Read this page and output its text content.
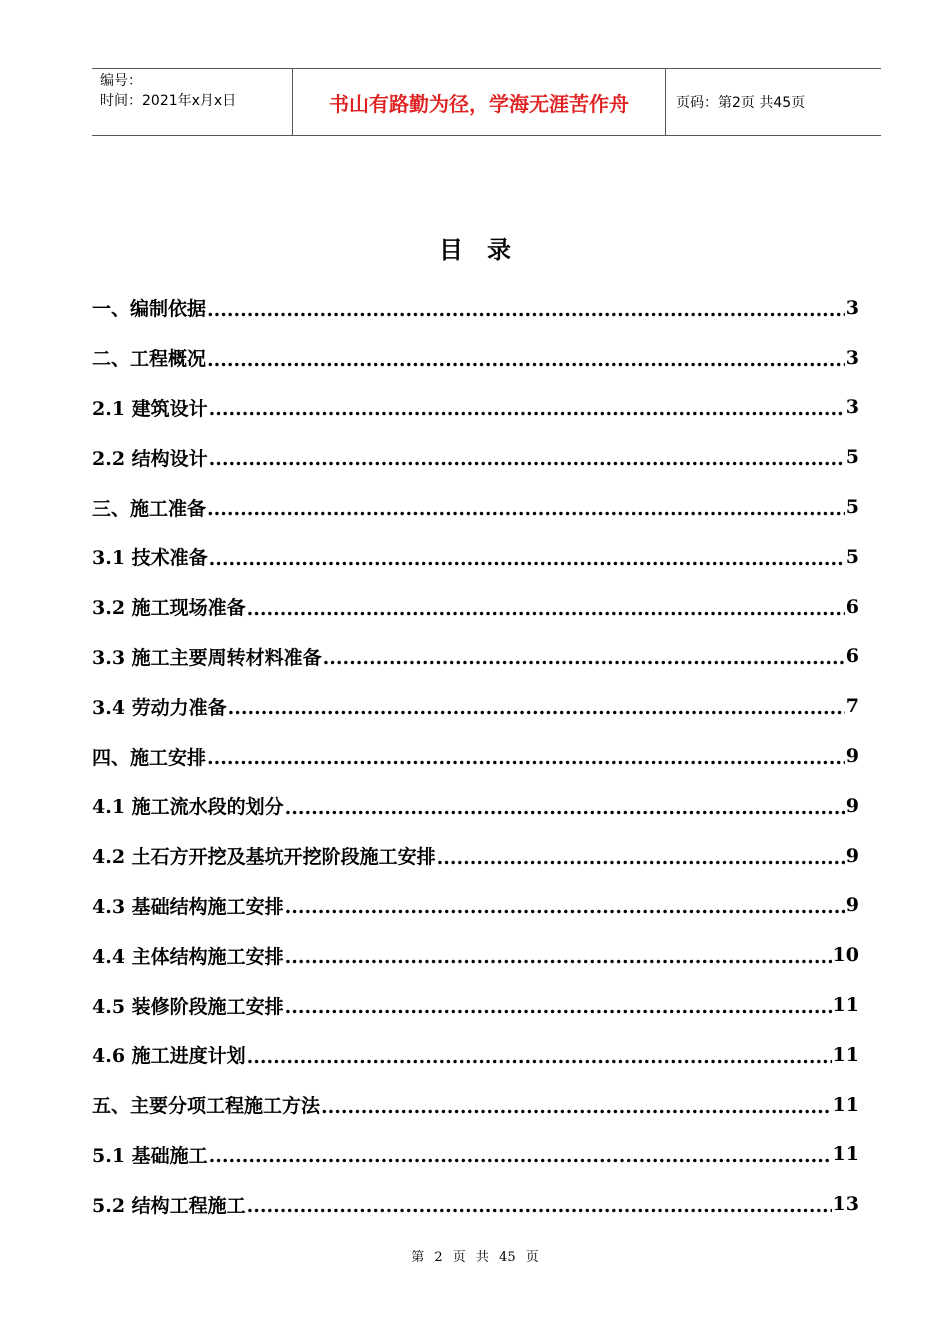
编号：
时间：2021年x月x日	书山有路勤为径，学海无涯苦作舟	页码：第2页 共45页
目录
一、编制依据 .....	3
二、工程概况 .....	3
2.1 建筑设计 .....	3
2.2 结构设计 .....	5
三、施工准备 .....	5
3.1 技术准备 .....	5
3.2 施工现场准备 .....	6
3.3 施工主要周转材料准备 .....	6
3.4 劳动力准备 .....	7
四、施工安排 .....	9
4.1 施工流水段的划分 .....	9
4.2 土石方开挖及基坑开挖阶段施工安排 .....	9
4.3 基础结构施工安排 .....	9
4.4 主体结构施工安排 .....	10
4.5 装修阶段施工安排 .....	11
4.6 施工进度计划 .....	11
五、主要分项工程施工方法 .....	11
5.1 基础施工 .....	11
5.2 结构工程施工 .....	13
第 2 页 共 45 页
